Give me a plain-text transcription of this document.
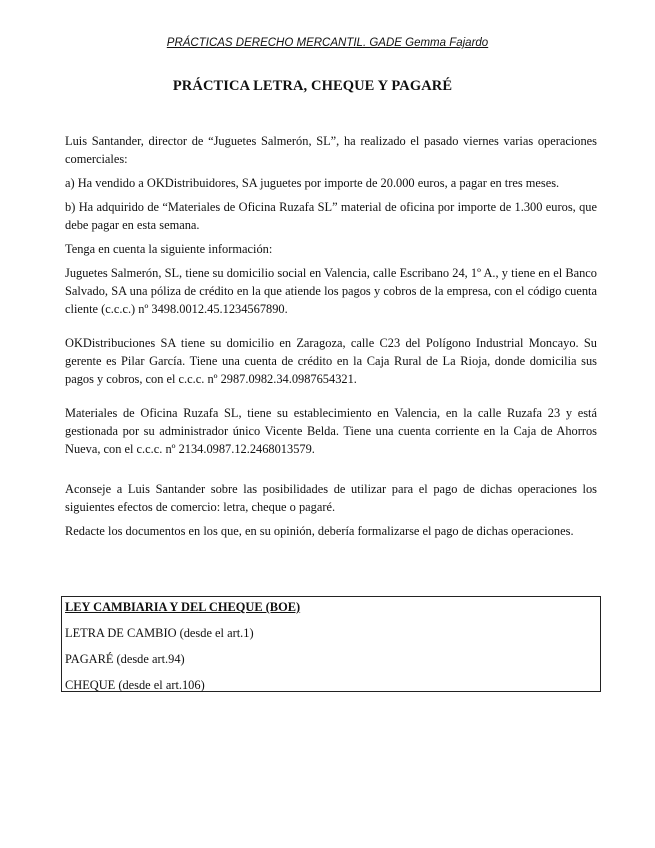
PRÁCTICAS DERECHO MERCANTIL. GADE Gemma Fajardo
PRÁCTICA LETRA, CHEQUE Y PAGARÉ

Luis Santander, director de “Juguetes Salmerón, SL”, ha realizado el pasado viernes varias operaciones comerciales:

a) Ha vendido a OKDistribuidores, SA juguetes por importe de 20.000 euros, a pagar en tres meses.

b) Ha adquirido de “Materiales de Oficina Ruzafa SL” material de oficina por importe de 1.300 euros, que debe pagar en esta semana.

Tenga en cuenta la siguiente información:

Juguetes Salmerón, SL, tiene su domicilio social en Valencia, calle Escribano 24, 1º A., y tiene en el Banco Salvado, SA una póliza de crédito en la que atiende los pagos y cobros de la empresa, con el código cuenta cliente (c.c.c.) nº 3498.0012.45.1234567890.

OKDistribuciones SA tiene su domicilio en Zaragoza, calle C23 del Polígono Industrial Moncayo. Su gerente es Pilar García. Tiene una cuenta de crédito en la Caja Rural de La Rioja, donde domicilia sus pagos y cobros, con el c.c.c. nº 2987.0982.34.0987654321.

Materiales de Oficina Ruzafa SL, tiene su establecimiento en Valencia, en la calle Ruzafa 23 y está gestionada por su administrador único Vicente Belda. Tiene una cuenta corriente en la Caja de Ahorros Nueva, con el c.c.c. nº 2134.0987.12.2468013579.

Aconseje a Luis Santander sobre las posibilidades de utilizar para el pago de dichas operaciones los siguientes efectos de comercio: letra, cheque o pagaré.

Redacte los documentos en los que, en su opinión, debería formalizarse el pago de dichas operaciones.

LEY CAMBIARIA Y DEL CHEQUE (BOE)
LETRA DE CAMBIO (desde el art.1)
PAGARÉ (desde art.94)
CHEQUE (desde el art.106)
